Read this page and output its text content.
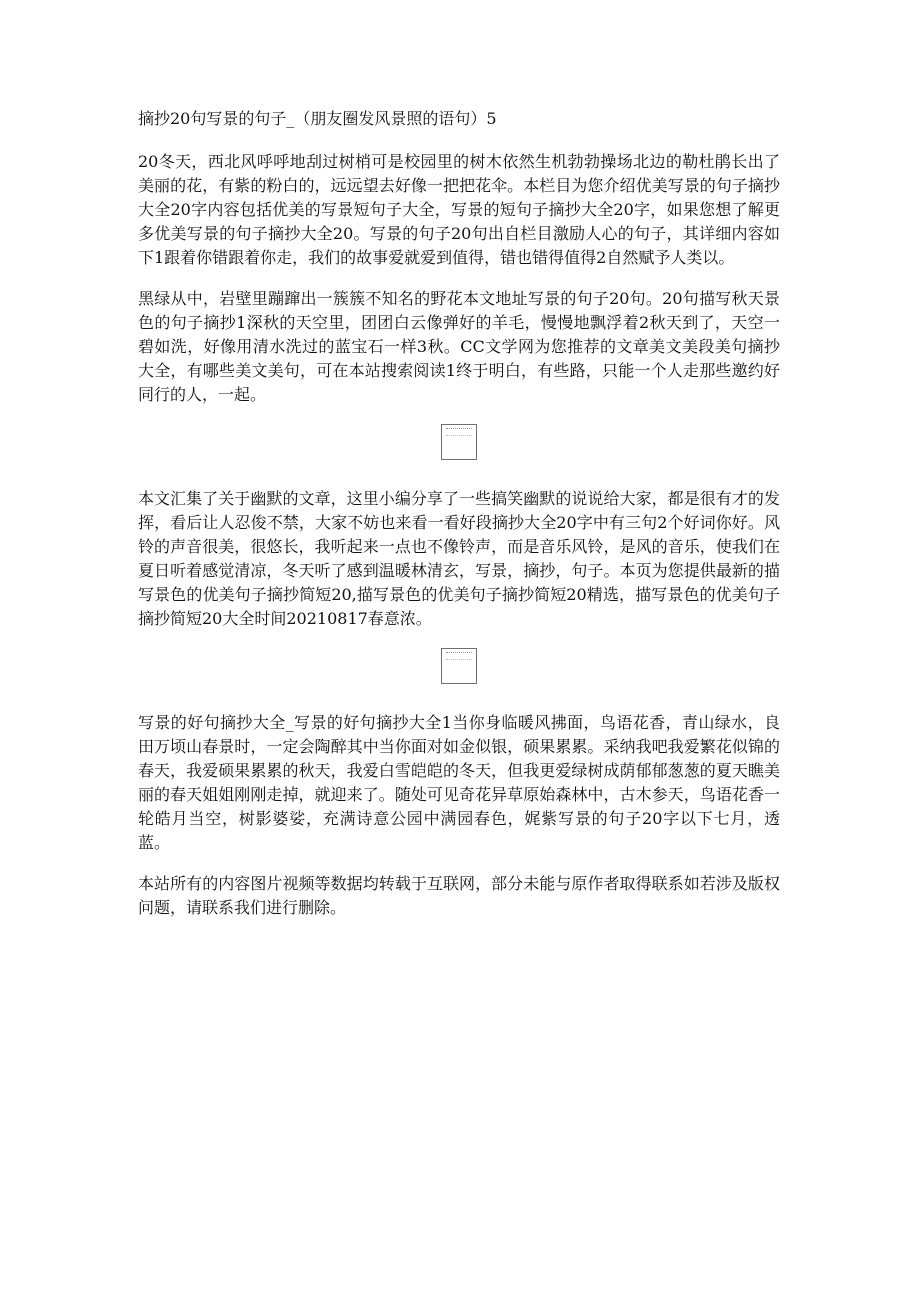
摘抄20句写景的句子_（朋友圈发风景照的语句）5

20冬天，西北风呼呼地刮过树梢可是校园里的树木依然生机勃勃操场北边的勒杜鹃长出了美丽的花，有紫的粉白的，远远望去好像一把把花伞。本栏目为您介绍优美写景的句子摘抄大全20字内容包括优美的写景短句子大全，写景的短句子摘抄大全20字，如果您想了解更多优美写景的句子摘抄大全20。写景的句子20句出自栏目激励人心的句子，其详细内容如下1跟着你错跟着你走，我们的故事爱就爱到值得，错也错得值得2自然赋予人类以。

黑绿从中，岩壁里蹦蹿出一簇簇不知名的野花本文地址写景的句子20句。20句描写秋天景色的句子摘抄1深秋的天空里，团团白云像弹好的羊毛，慢慢地飘浮着2秋天到了，天空一碧如洗，好像用清水洗过的蓝宝石一样3秋。CC文学网为您推荐的文章美文美段美句摘抄大全，有哪些美文美句，可在本站搜索阅读1终于明白，有些路，只能一个人走那些邀约好同行的人，一起。

本文汇集了关于幽默的文章，这里小编分享了一些搞笑幽默的说说给大家，都是很有才的发挥，看后让人忍俊不禁，大家不妨也来看一看好段摘抄大全20字中有三句2个好词你好。风铃的声音很美，很悠长，我听起来一点也不像铃声，而是音乐风铃，是风的音乐，使我们在夏日听着感觉清凉，冬天听了感到温暖林清玄，写景，摘抄，句子。本页为您提供最新的描写景色的优美句子摘抄简短20,描写景色的优美句子摘抄简短20精选，描写景色的优美句子摘抄简短20大全时间20210817春意浓。

写景的好句摘抄大全_写景的好句摘抄大全1当你身临暖风拂面，鸟语花香，青山绿水，良田万顷山春景时，一定会陶醉其中当你面对如金似银，硕果累累。采纳我吧我爱繁花似锦的春天，我爱硕果累累的秋天，我爱白雪皑皑的冬天，但我更爱绿树成荫郁郁葱葱的夏天瞧美丽的春天姐姐刚刚走掉，就迎来了。随处可见奇花异草原始森林中，古木参天，鸟语花香一轮皓月当空，树影婆娑，充满诗意公园中满园春色，娓紫写景的句子20字以下七月，透蓝。

本站所有的内容图片视频等数据均转载于互联网，部分未能与原作者取得联系如若涉及版权问题，请联系我们进行删除。
